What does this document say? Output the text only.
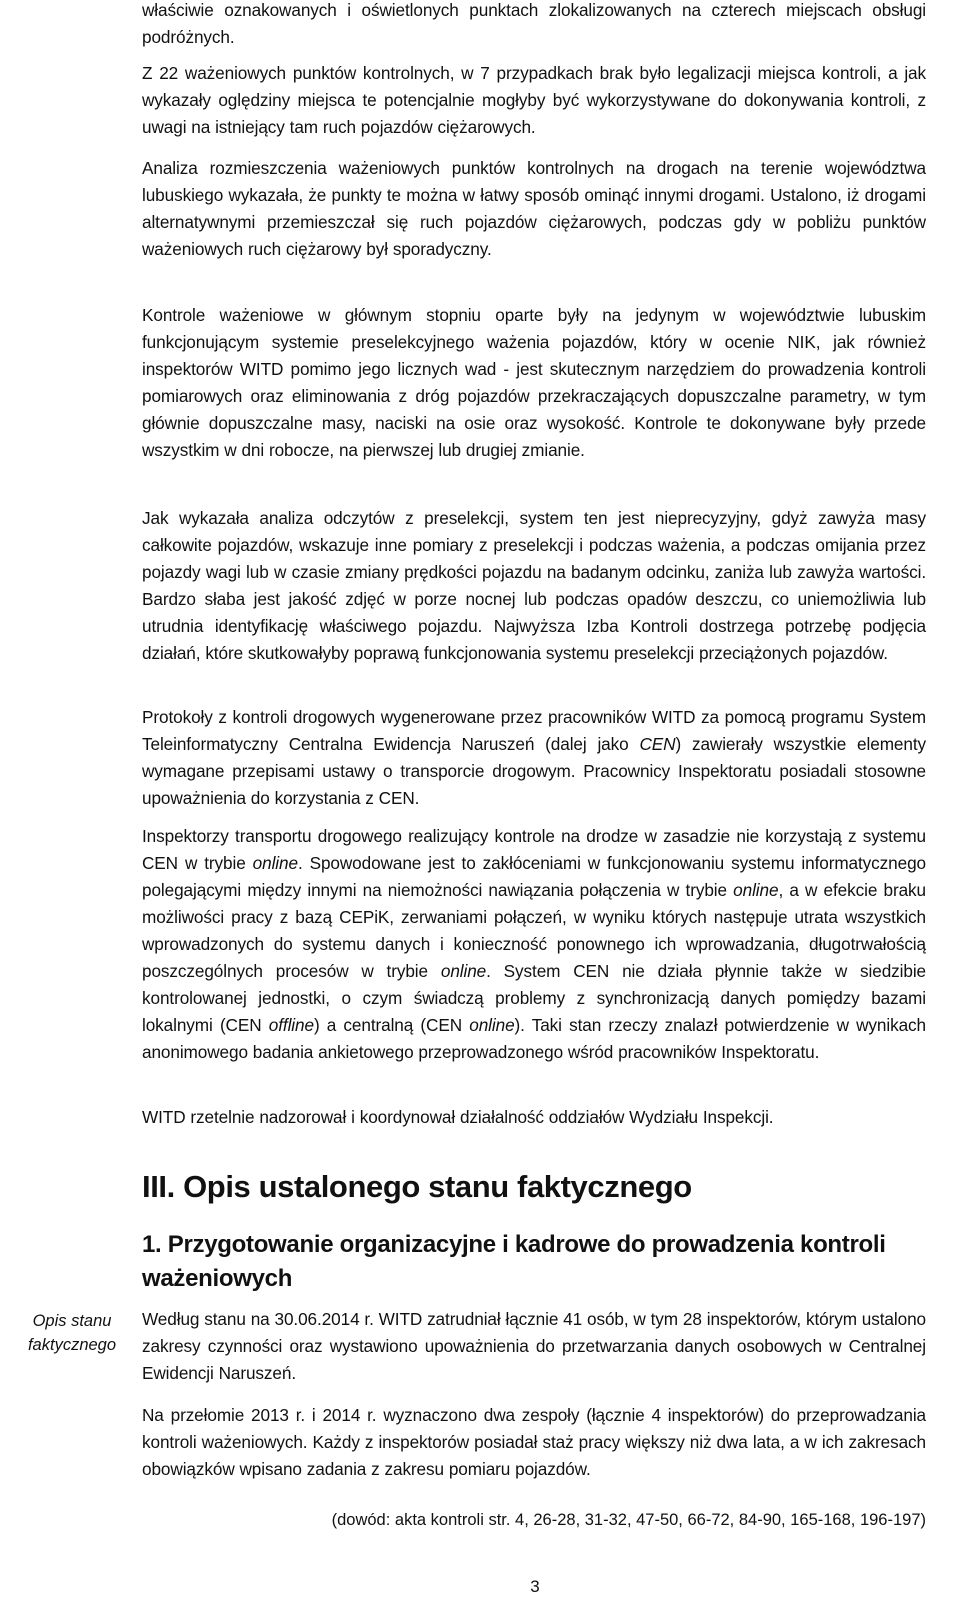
właściwie oznakowanych i oświetlonych punktach zlokalizowanych na czterech miejscach obsługi podróżnych.

Z 22 ważeniowych punktów kontrolnych, w 7 przypadkach brak było legalizacji miejsca kontroli, a jak wykazały oględziny miejsca te potencjalnie mogłyby być wykorzystywane do dokonywania kontroli, z uwagi na istniejący tam ruch pojazdów ciężarowych.

Analiza rozmieszczenia ważeniowych punktów kontrolnych na drogach na terenie województwa lubuskiego wykazała, że punkty te można w łatwy sposób ominąć innymi drogami. Ustalono, iż drogami alternatywnymi przemieszczał się ruch pojazdów ciężarowych, podczas gdy w pobliżu punktów ważeniowych ruch ciężarowy był sporadyczny.

Kontrole ważeniowe w głównym stopniu oparte były na jedynym w województwie lubuskim funkcjonującym systemie preselekcyjnego ważenia pojazdów, który w ocenie NIK, jak również inspektorów WITD pomimo jego licznych wad - jest skutecznym narzędziem do prowadzenia kontroli pomiarowych oraz eliminowania z dróg pojazdów przekraczających dopuszczalne parametry, w tym głównie dopuszczalne masy, naciski na osie oraz wysokość. Kontrole te dokonywane były przede wszystkim w dni robocze, na pierwszej lub drugiej zmianie.

Jak wykazała analiza odczytów z preselekcji, system ten jest nieprecyzyjny, gdyż zawyża masy całkowite pojazdów, wskazuje inne pomiary z preselekcji i podczas ważenia, a podczas omijania przez pojazdy wagi lub w czasie zmiany prędkości pojazdu na badanym odcinku, zaniża lub zawyża wartości. Bardzo słaba jest jakość zdjęć w porze nocnej lub podczas opadów deszczu, co uniemożliwia lub utrudnia identyfikację właściwego pojazdu. Najwyższa Izba Kontroli dostrzega potrzebę podjęcia działań, które skutkowałyby poprawą funkcjonowania systemu preselekcji przeciążonych pojazdów.

Protokoły z kontroli drogowych wygenerowane przez pracowników WITD za pomocą programu System Teleinformatyczny Centralna Ewidencja Naruszeń (dalej jako CEN) zawierały wszystkie elementy wymagane przepisami ustawy o transporcie drogowym. Pracownicy Inspektoratu posiadali stosowne upoważnienia do korzystania z CEN.

Inspektorzy transportu drogowego realizujący kontrole na drodze w zasadzie nie korzystają z systemu CEN w trybie online. Spowodowane jest to zakłóceniami w funkcjonowaniu systemu informatycznego polegającymi między innymi na niemożności nawiązania połączenia w trybie online, a w efekcie braku możliwości pracy z bazą CEPiK, zerwaniami połączeń, w wyniku których następuje utrata wszystkich wprowadzonych do systemu danych i konieczność ponownego ich wprowadzania, długotrwałością poszczególnych procesów w trybie online. System CEN nie działa płynnie także w siedzibie kontrolowanej jednostki, o czym świadczą problemy z synchronizacją danych pomiędzy bazami lokalnymi (CEN offline) a centralną (CEN online). Taki stan rzeczy znalazł potwierdzenie w wynikach anonimowego badania ankietowego przeprowadzonego wśród pracowników Inspektoratu.

WITD rzetelnie nadzorował i koordynował działalność oddziałów Wydziału Inspekcji.

III. Opis ustalonego stanu faktycznego
1. Przygotowanie organizacyjne i kadrowe do prowadzenia kontroli ważeniowych
Opis stanu faktycznego

Według stanu na 30.06.2014 r. WITD zatrudniał łącznie 41 osób, w tym 28 inspektorów, którym ustalono zakresy czynności oraz wystawiono upoważnienia do przetwarzania danych osobowych w Centralnej Ewidencji Naruszeń.

Na przełomie 2013 r. i 2014 r. wyznaczono dwa zespoły (łącznie 4 inspektorów) do przeprowadzania kontroli ważeniowych. Każdy z inspektorów posiadał staż pracy większy niż dwa lata, a w ich zakresach obowiązków wpisano zadania z zakresu pomiaru pojazdów.

(dowód: akta kontroli str. 4, 26-28, 31-32, 47-50, 66-72, 84-90, 165-168, 196-197)
3
